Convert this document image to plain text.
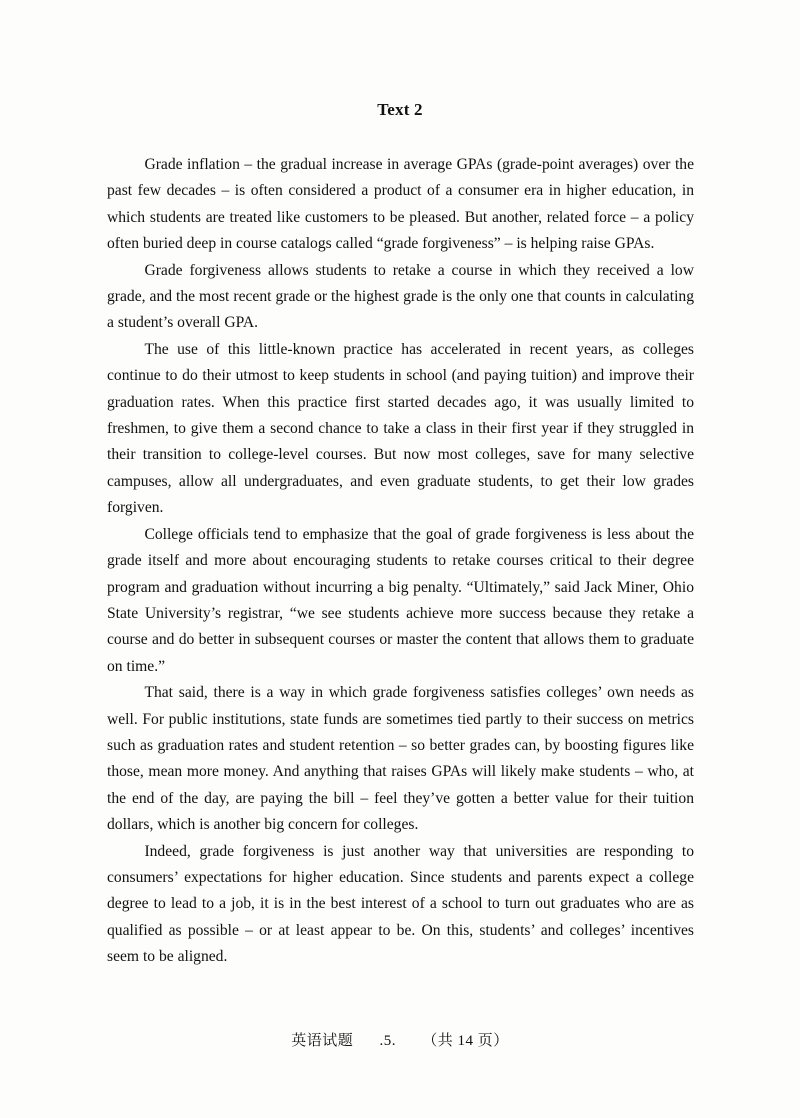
Text 2

Grade inflation – the gradual increase in average GPAs (grade-point averages) over the past few decades – is often considered a product of a consumer era in higher education, in which students are treated like customers to be pleased. But another, related force – a policy often buried deep in course catalogs called “grade forgiveness” – is helping raise GPAs.

Grade forgiveness allows students to retake a course in which they received a low grade, and the most recent grade or the highest grade is the only one that counts in calculating a student’s overall GPA.

The use of this little-known practice has accelerated in recent years, as colleges continue to do their utmost to keep students in school (and paying tuition) and improve their graduation rates. When this practice first started decades ago, it was usually limited to freshmen, to give them a second chance to take a class in their first year if they struggled in their transition to college-level courses. But now most colleges, save for many selective campuses, allow all undergraduates, and even graduate students, to get their low grades forgiven.

College officials tend to emphasize that the goal of grade forgiveness is less about the grade itself and more about encouraging students to retake courses critical to their degree program and graduation without incurring a big penalty. “Ultimately,” said Jack Miner, Ohio State University’s registrar, “we see students achieve more success because they retake a course and do better in subsequent courses or master the content that allows them to graduate on time.”

That said, there is a way in which grade forgiveness satisfies colleges’ own needs as well. For public institutions, state funds are sometimes tied partly to their success on metrics such as graduation rates and student retention – so better grades can, by boosting figures like those, mean more money. And anything that raises GPAs will likely make students – who, at the end of the day, are paying the bill – feel they’ve gotten a better value for their tuition dollars, which is another big concern for colleges.

Indeed, grade forgiveness is just another way that universities are responding to consumers’ expectations for higher education. Since students and parents expect a college degree to lead to a job, it is in the best interest of a school to turn out graduates who are as qualified as possible – or at least appear to be. On this, students’ and colleges’ incentives seem to be aligned.

英语试题 .5. （共 14 页）
